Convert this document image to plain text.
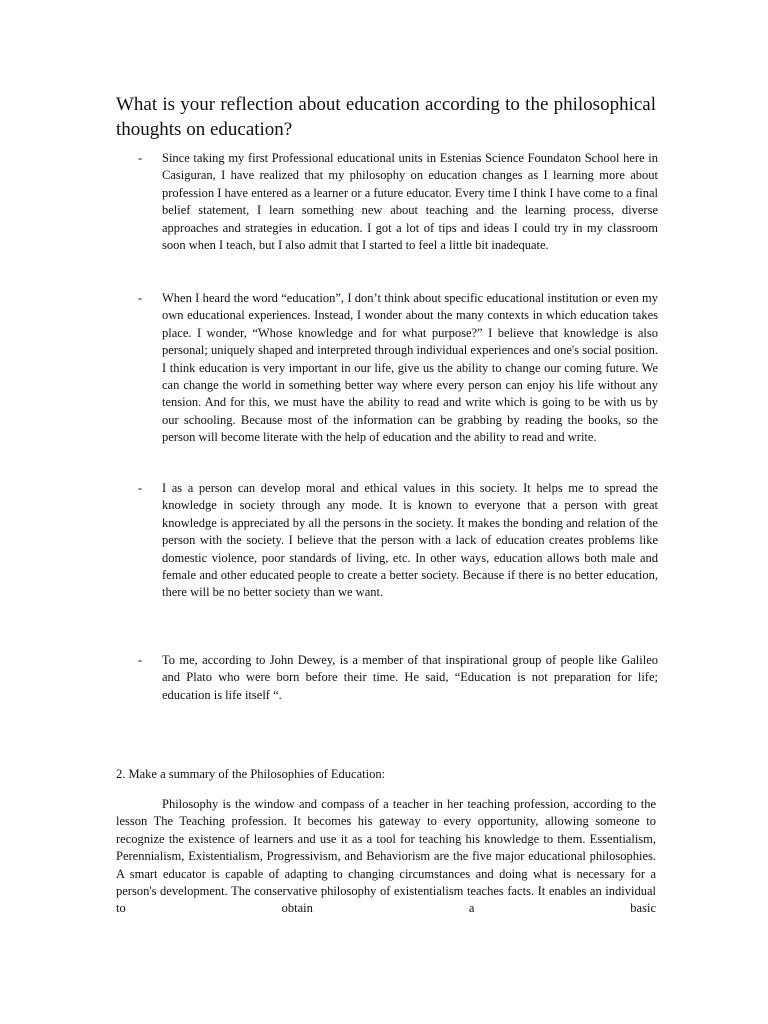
What is your reflection about education according to the philosophical thoughts on education?
-	Since taking my first Professional educational units in Estenias Science Foundaton School here in Casiguran, I have realized that my philosophy on education changes as I learning more about profession I have entered as a learner or a future educator. Every time I think I have come to a final belief statement, I learn something new about teaching and the learning process, diverse approaches and strategies in education. I got a lot of tips and ideas I could try in my classroom soon when I teach, but I also admit that I started to feel a little bit inadequate.
-	When I heard the word “education”, I don’t think about specific educational institution or even my own educational experiences. Instead, I wonder about the many contexts in which education takes place. I wonder, “Whose knowledge and for what purpose?” I believe that knowledge is also personal; uniquely shaped and interpreted through individual experiences and one's social position. I think education is very important in our life, give us the ability to change our coming future. We can change the world in something better way where every person can enjoy his life without any tension. And for this, we must have the ability to read and write which is going to be with us by our schooling. Because most of the information can be grabbing by reading the books, so the person will become literate with the help of education and the ability to read and write.
-	I as a person can develop moral and ethical values in this society. It helps me to spread the knowledge in society through any mode. It is known to everyone that a person with great knowledge is appreciated by all the persons in the society. It makes the bonding and relation of the person with the society. I believe that the person with a lack of education creates problems like domestic violence, poor standards of living, etc. In other ways, education allows both male and female and other educated people to create a better society. Because if there is no better education, there will be no better society than we want.
-	To me, according to John Dewey, is a member of that inspirational group of people like Galileo and Plato who were born before their time. He said, “Education is not preparation for life; education is life itself “.
2. Make a summary of the Philosophies of Education:

Philosophy is the window and compass of a teacher in her teaching profession, according to the lesson The Teaching profession. It becomes his gateway to every opportunity, allowing someone to recognize the existence of learners and use it as a tool for teaching his knowledge to them. Essentialism, Perennialism, Existentialism, Progressivism, and Behaviorism are the five major educational philosophies. A smart educator is capable of adapting to changing circumstances and doing what is necessary for a person's development. The conservative philosophy of existentialism teaches facts. It enables an individual to obtain a basic
